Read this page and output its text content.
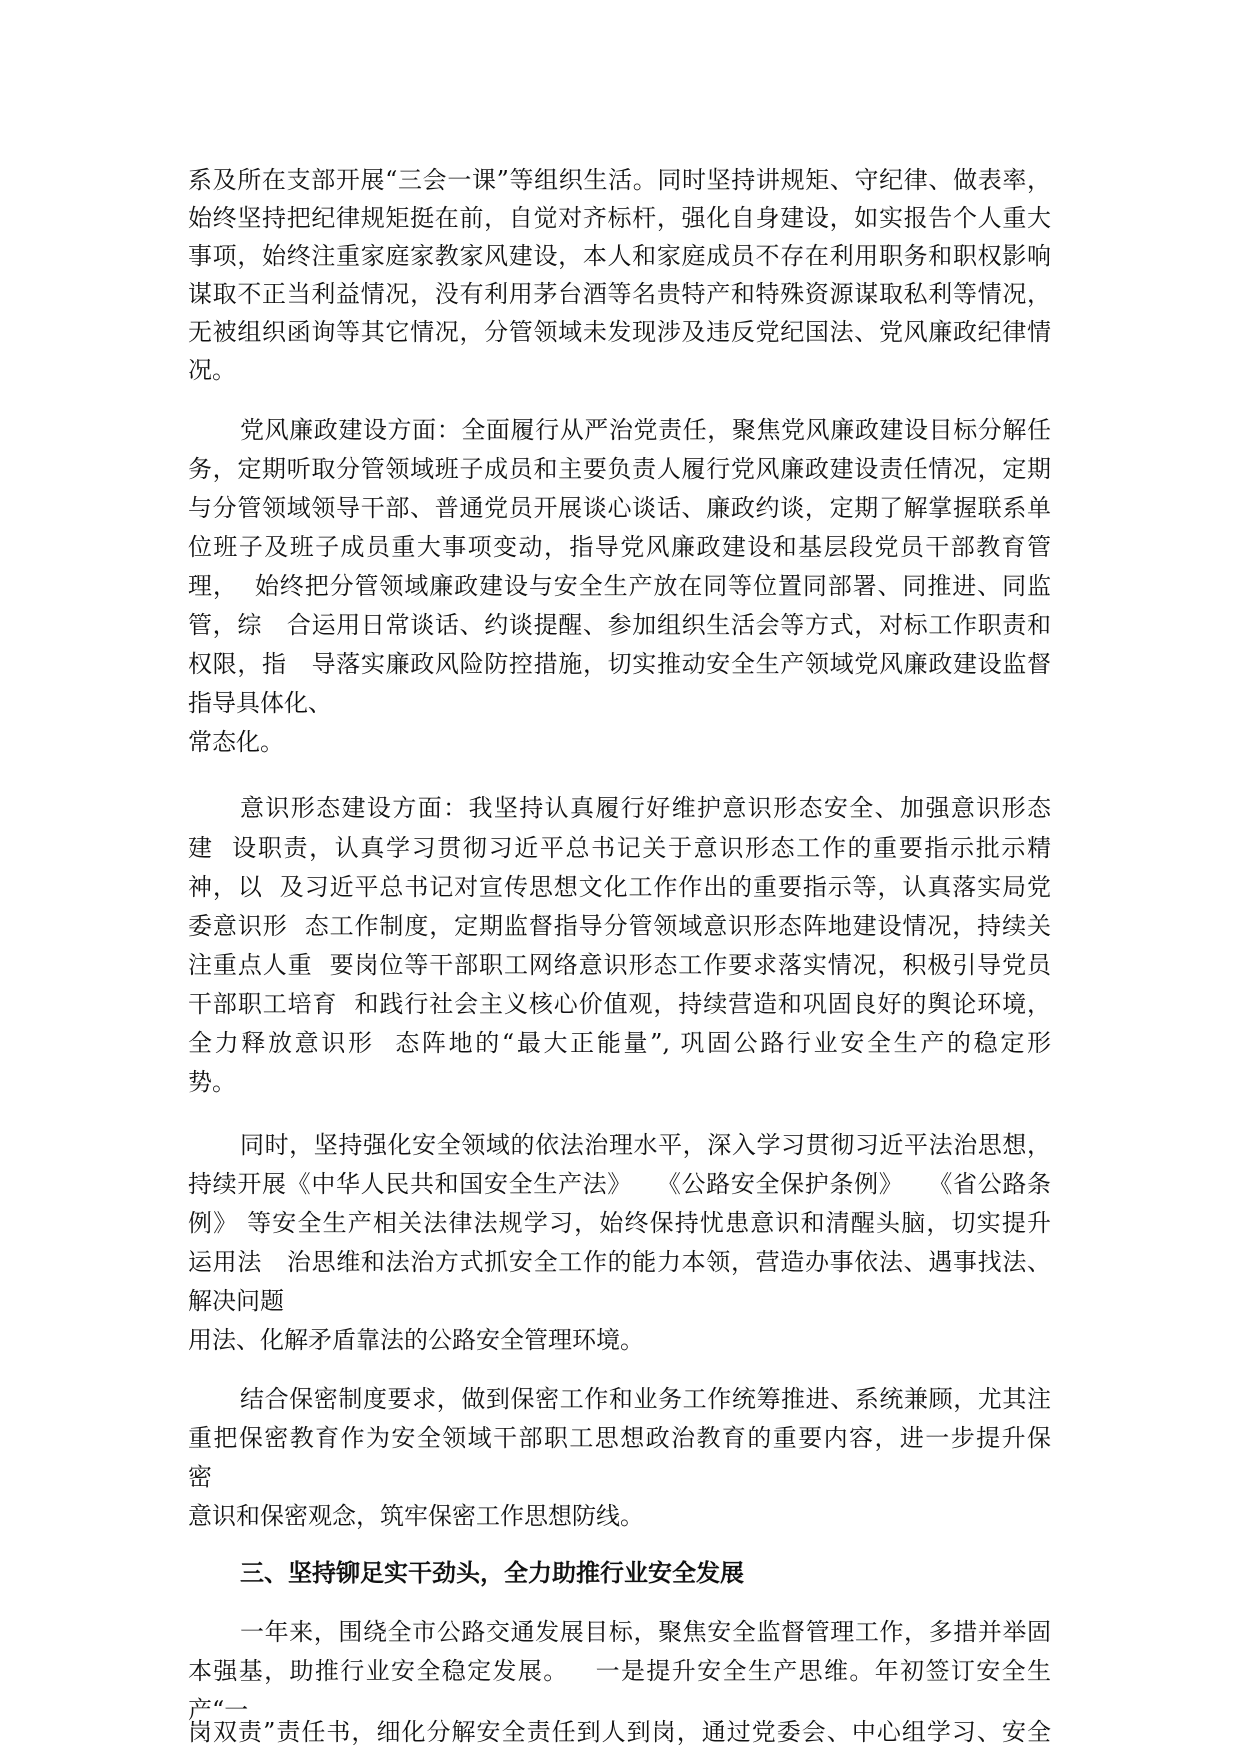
系及所在支部开展“三会一课”等组织生活。同时坚持讲规矩、守纪律、做表率，
始终坚持把纪律规矩挺在前，自觉对齐标杆，强化自身建设，如实报告个人重大
事项，始终注重家庭家教家风建设，本人和家庭成员不存在利用职务和职权影响
谋取不正当利益情况，没有利用茅台酒等名贵特产和特殊资源谋取私利等情况，
无被组织函询等其它情况，分管领域未发现涉及违反党纪国法、党风廉政纪律情
况。
党风廉政建设方面：全面履行从严治党责任，聚焦党风廉政建设目标分解任
务，定期听取分管领域班子成员和主要负责人履行党风廉政建设责任情况，定期
与分管领域领导干部、普通党员开展谈心谈话、廉政约谈，定期了解掌握联系单
位班子及班子成员重大事项变动，指导党风廉政建设和基层段党员干部教育管
理，  始终把分管领域廉政建设与安全生产放在同等位置同部署、同推进、同监
管，综   合运用日常谈话、约谈提醒、参加组织生活会等方式，对标工作职责和
权限，指   导落实廉政风险防控措施，切实推动安全生产领域党风廉政建设监督
指导具体化、
常态化。
意识形态建设方面：我坚持认真履行好维护意识形态安全、加强意识形态
建  设职责，认真学习贯彻习近平总书记关于意识形态工作的重要指示批示精
神，以  及习近平总书记对宣传思想文化工作作出的重要指示等，认真落实局党
委意识形  态工作制度，定期监督指导分管领域意识形态阵地建设情况，持续关
注重点人重  要岗位等干部职工网络意识形态工作要求落实情况，积极引导党员
干部职工培育  和践行社会主义核心价值观，持续营造和巩固良好的舆论环境，
全力释放意识形  态阵地的“最大正能量”, 巩固公路行业安全生产的稳定形
势。
同时，坚持强化安全领域的依法治理水平，深入学习贯彻习近平法治思想，
持续开展《中华人民共和国安全生产法》   《公路安全保护条例》   《省公路条
例》 等安全生产相关法律法规学习，始终保持忧患意识和清醒头脑，切实提升
运用法   治思维和法治方式抓安全工作的能力本领，营造办事依法、遇事找法、
解决问题
用法、化解矛盾靠法的公路安全管理环境。
结合保密制度要求，做到保密工作和业务工作统筹推进、系统兼顾，尤其注
重把保密教育作为安全领域干部职工思想政治教育的重要内容，进一步提升保
密
意识和保密观念，筑牢保密工作思想防线。
三、坚持铆足实干劲头，全力助推行业安全发展
一年来，围绕全市公路交通发展目标，聚焦安全监督管理工作，多措并举固
本强基，助推行业安全稳定发展。   一是提升安全生产思维。年初签订安全生
产“一
岗双责”责任书，细化分解安全责任到人到岗，通过党委会、中心组学习、安全
